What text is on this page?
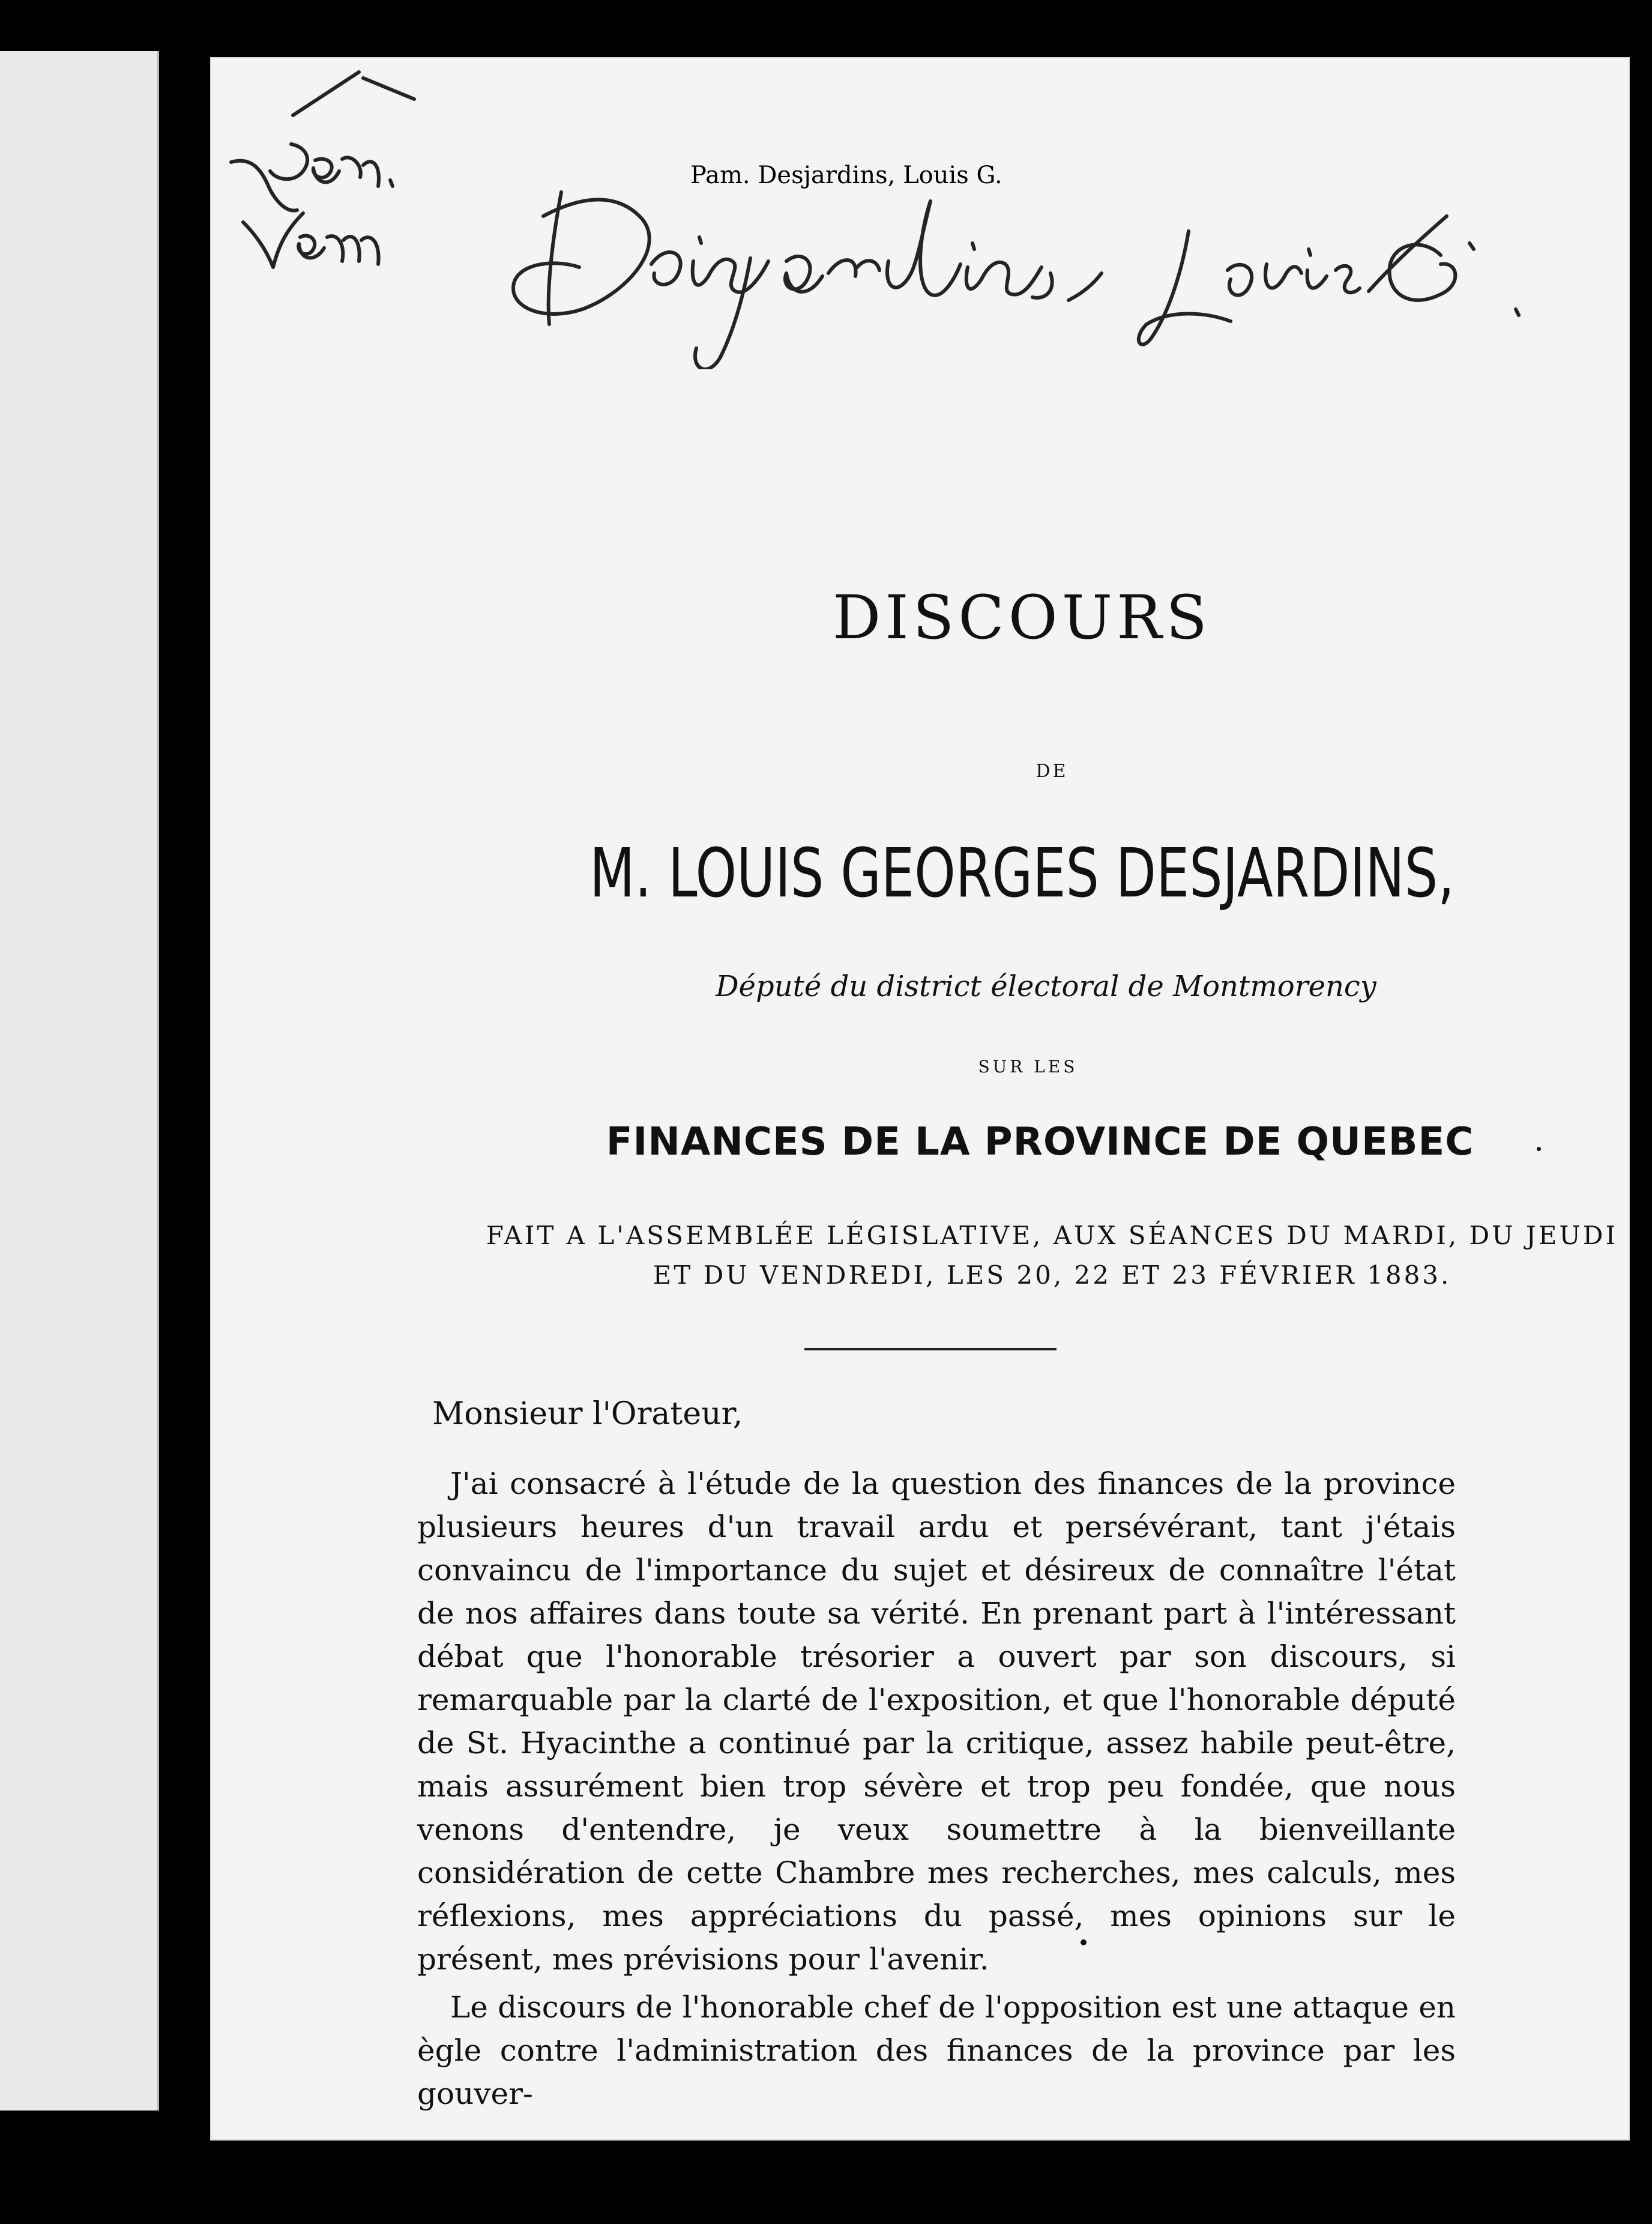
DISCOURS
DE
M. LOUIS GEORGES DESJARDINS,
Député du district électoral de Montmorency
SUR LES
FINANCES DE LA PROVINCE DE QUEBEC
FAIT A L'ASSEMBLÉE LÉGISLATIVE, AUX SÉANCES DU MARDI, DU JEUDI
ET DU VENDREDI, LES 20, 22 ET 23 FÉVRIER 1883.
Monsieur l'Orateur,

J'ai consacré à l'étude de la question des finances de la province plusieurs heures d'un travail ardu et persévérant, tant j'étais convaincu de l'importance du sujet et désireux de connaître l'état de nos affaires dans toute sa vérité. En prenant part à l'intéressant débat que l'honorable trésorier a ouvert par son discours, si remarquable par la clarté de l'exposition, et que l'honorable député de St. Hyacinthe a continué par la critique, assez habile peut-être, mais assurément bien trop sévère et trop peu fondée, que nous venons d'entendre, je veux soumettre à la bienveillante considération de cette Chambre mes recherches, mes calculs, mes réflexions, mes appréciations du passé, mes opinions sur le présent, mes prévisions pour l'avenir.

Le discours de l'honorable chef de l'opposition est une attaque en ègle contre l'administration des finances de la province par les gouver-
